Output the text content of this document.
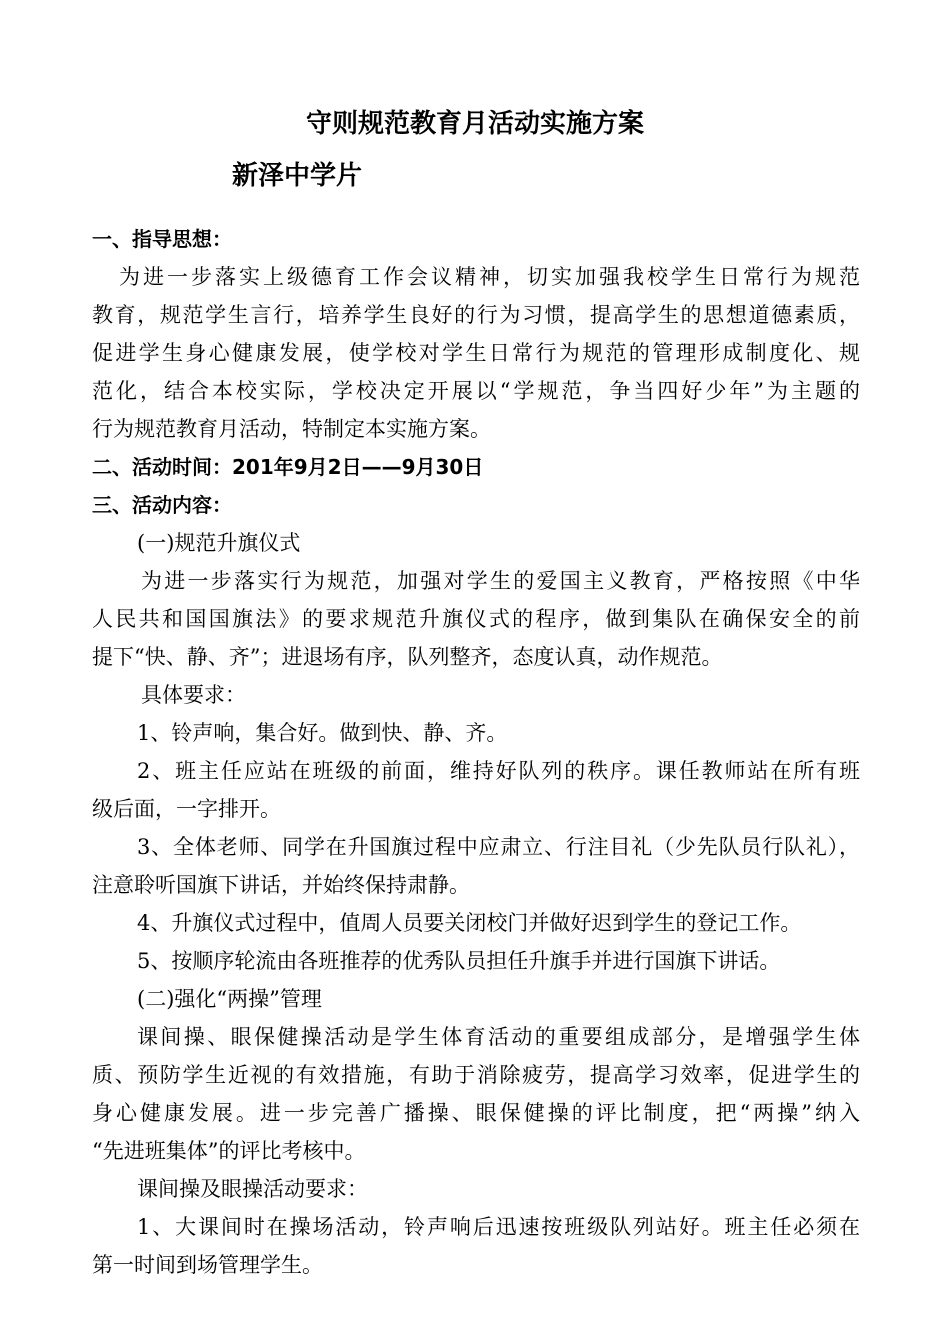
守则规范教育月活动实施方案
新泽中学片
一、指导思想：
为进一步落实上级德育工作会议精神，切实加强我校学生日常行为规范
教育，规范学生言行，培养学生良好的行为习惯，提高学生的思想道德素质，
促进学生身心健康发展，使学校对学生日常行为规范的管理形成制度化、规
范化，结合本校实际，学校决定开展以“学规范，争当四好少年”为主题的
行为规范教育月活动，特制定本实施方案。
二、活动时间：201年9月2日——9月30日
三、活动内容：
(一)规范升旗仪式
为进一步落实行为规范，加强对学生的爱国主义教育，严格按照《中华
人民共和国国旗法》的要求规范升旗仪式的程序，做到集队在确保安全的前
提下“快、静、齐”；进退场有序，队列整齐，态度认真，动作规范。
具体要求：
1、铃声响，集合好。做到快、静、齐。
2、班主任应站在班级的前面，维持好队列的秩序。课任教师站在所有班
级后面，一字排开。
3、全体老师、同学在升国旗过程中应肃立、行注目礼（少先队员行队礼），
注意聆听国旗下讲话，并始终保持肃静。
4、升旗仪式过程中，值周人员要关闭校门并做好迟到学生的登记工作。
5、按顺序轮流由各班推荐的优秀队员担任升旗手并进行国旗下讲话。
(二)强化“两操”管理
课间操、眼保健操活动是学生体育活动的重要组成部分，是增强学生体
质、预防学生近视的有效措施，有助于消除疲劳，提高学习效率，促进学生的
身心健康发展。进一步完善广播操、眼保健操的评比制度，把“两操”纳入
“先进班集体”的评比考核中。
课间操及眼操活动要求：
1、大课间时在操场活动，铃声响后迅速按班级队列站好。班主任必须在
第一时间到场管理学生。
